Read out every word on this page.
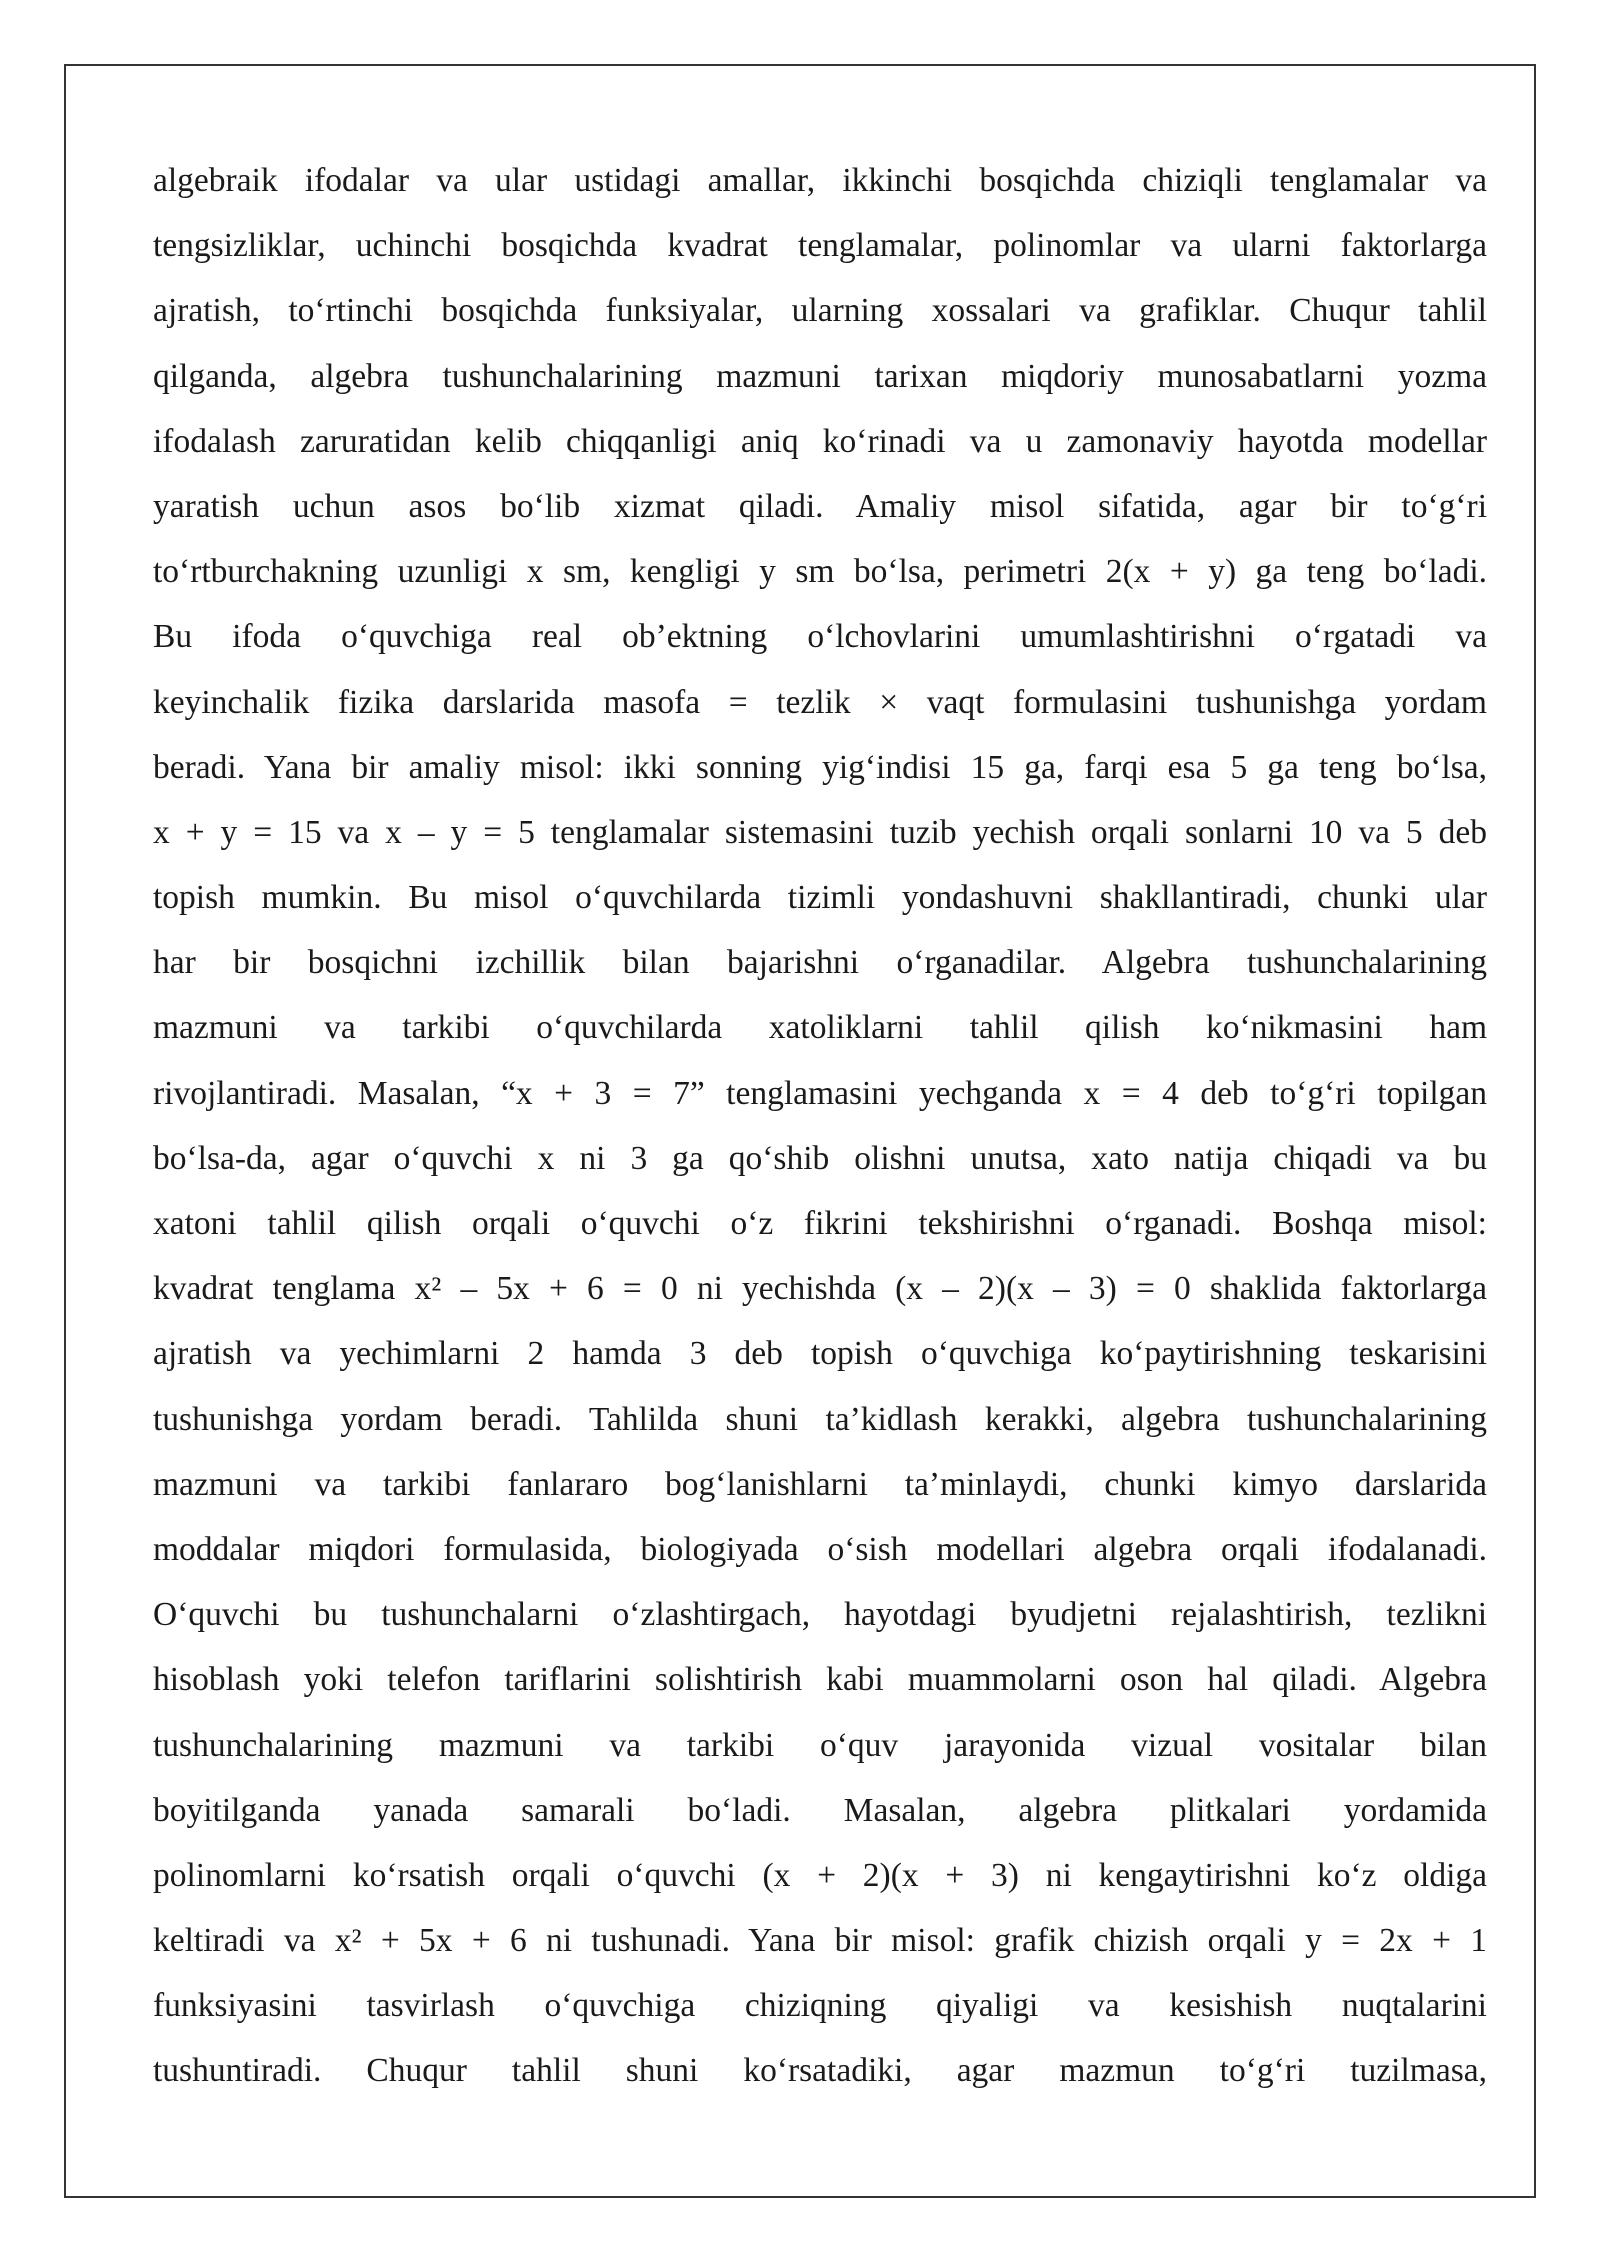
algebraik ifodalar va ular ustidagi amallar, ikkinchi bosqichda chiziqli tenglamalar va
tengsizliklar, uchinchi bosqichda kvadrat tenglamalar, polinomlar va ularni faktorlarga
ajratish, to‘rtinchi bosqichda funksiyalar, ularning xossalari va grafiklar. Chuqur tahlil
qilganda, algebra tushunchalarining mazmuni tarixan miqdoriy munosabatlarni yozma
ifodalash zaruratidan kelib chiqqanligi aniq ko‘rinadi va u zamonaviy hayotda modellar
yaratish uchun asos bo‘lib xizmat qiladi. Amaliy misol sifatida, agar bir to‘g‘ri
to‘rtburchakning uzunligi x sm, kengligi y sm bo‘lsa, perimetri 2(x + y) ga teng bo‘ladi.
Bu ifoda o‘quvchiga real ob’ektning o‘lchovlarini umumlashtirishni o‘rgatadi va
keyinchalik fizika darslarida masofa = tezlik × vaqt formulasini tushunishga yordam
beradi. Yana bir amaliy misol: ikki sonning yig‘indisi 15 ga, farqi esa 5 ga teng bo‘lsa,
x + y = 15 va x – y = 5 tenglamalar sistemasini tuzib yechish orqali sonlarni 10 va 5 deb
topish mumkin. Bu misol o‘quvchilarda tizimli yondashuvni shakllantiradi, chunki ular
har bir bosqichni izchillik bilan bajarishni o‘rganadilar. Algebra tushunchalarining
mazmuni va tarkibi o‘quvchilarda xatoliklarni tahlil qilish ko‘nikmasini ham
rivojlantiradi. Masalan, “x + 3 = 7” tenglamasini yechganda x = 4 deb to‘g‘ri topilgan
bo‘lsa-da, agar o‘quvchi x ni 3 ga qo‘shib olishni unutsa, xato natija chiqadi va bu
xatoni tahlil qilish orqali o‘quvchi o‘z fikrini tekshirishni o‘rganadi. Boshqa misol:
kvadrat tenglama x² – 5x + 6 = 0 ni yechishda (x – 2)(x – 3) = 0 shaklida faktorlarga
ajratish va yechimlarni 2 hamda 3 deb topish o‘quvchiga ko‘paytirishning teskarisini
tushunishga yordam beradi. Tahlilda shuni ta’kidlash kerakki, algebra tushunchalarining
mazmuni va tarkibi fanlararo bog‘lanishlarni ta’minlaydi, chunki kimyo darslarida
moddalar miqdori formulasida, biologiyada o‘sish modellari algebra orqali ifodalanadi.
O‘quvchi bu tushunchalarni o‘zlashtirgach, hayotdagi byudjetni rejalashtirish, tezlikni
hisoblash yoki telefon tariflarini solishtirish kabi muammolarni oson hal qiladi. Algebra
tushunchalarining mazmuni va tarkibi o‘quv jarayonida vizual vositalar bilan
boyitilganda yanada samarali bo‘ladi. Masalan, algebra plitkalari yordamida
polinomlarni ko‘rsatish orqali o‘quvchi (x + 2)(x + 3) ni kengaytirishni ko‘z oldiga
keltiradi va x² + 5x + 6 ni tushunadi. Yana bir misol: grafik chizish orqali y = 2x + 1
funksiyasini tasvirlash o‘quvchiga chiziqning qiyaligi va kesishish nuqtalarini
tushuntiradi. Chuqur tahlil shuni ko‘rsatadiki, agar mazmun to‘g‘ri tuzilmasa,
